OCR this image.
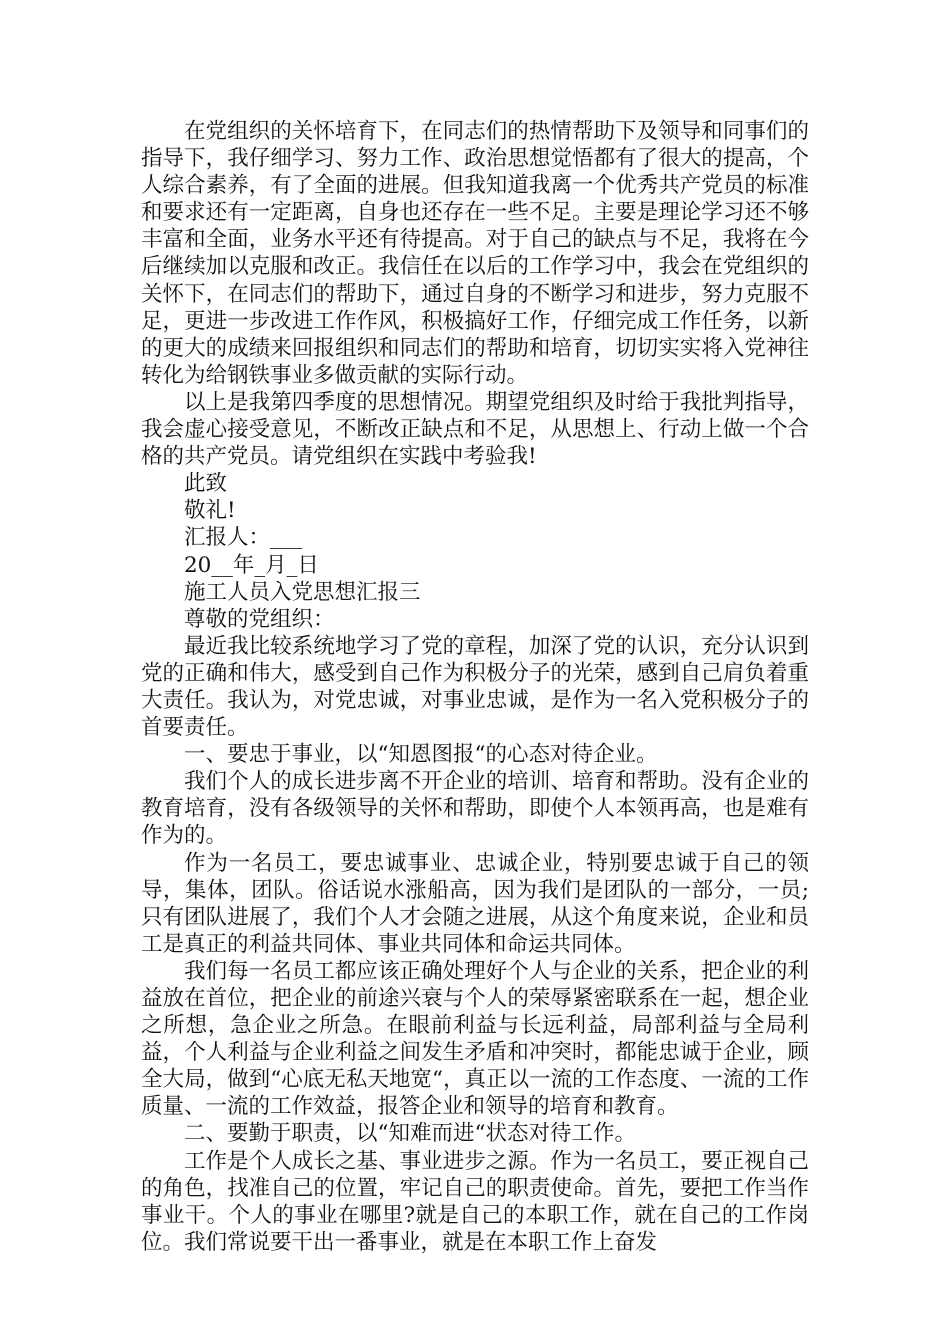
在党组织的关怀培育下，在同志们的热情帮助下及领导和同事们的指导下，我仔细学习、努力工作、政治思想觉悟都有了很大的提高，个人综合素养，有了全面的进展。但我知道我离一个优秀共产党员的标准和要求还有一定距离，自身也还存在一些不足。主要是理论学习还不够丰富和全面，业务水平还有待提高。对于自己的缺点与不足，我将在今后继续加以克服和改正。我信任在以后的工作学习中，我会在党组织的关怀下，在同志们的帮助下，通过自身的不断学习和进步，努力克服不足，更进一步改进工作作风，积极搞好工作，仔细完成工作任务，以新的更大的成绩来回报组织和同志们的帮助和培育，切切实实将入党神往转化为给钢铁事业多做贡献的实际行动。

以上是我第四季度的思想情况。期望党组织及时给于我批判指导，我会虚心接受意见，不断改正缺点和不足，从思想上、行动上做一个合格的共产党员。请党组织在实践中考验我!

此致

敬礼!

汇报人：___

20__年_月_日

施工人员入党思想汇报三

尊敬的党组织：

最近我比较系统地学习了党的章程，加深了党的认识，充分认识到党的正确和伟大，感受到自己作为积极分子的光荣，感到自己肩负着重大责任。我认为，对党忠诚，对事业忠诚，是作为一名入党积极分子的首要责任。

一、要忠于事业，以“知恩图报“的心态对待企业。

我们个人的成长进步离不开企业的培训、培育和帮助。没有企业的教育培育，没有各级领导的关怀和帮助，即使个人本领再高，也是难有作为的。

作为一名员工，要忠诚事业、忠诚企业，特别要忠诚于自己的领导，集体，团队。俗话说水涨船高，因为我们是团队的一部分，一员;只有团队进展了，我们个人才会随之进展，从这个角度来说，企业和员工是真正的利益共同体、事业共同体和命运共同体。

我们每一名员工都应该正确处理好个人与企业的关系，把企业的利益放在首位，把企业的前途兴衰与个人的荣辱紧密联系在一起，想企业之所想，急企业之所急。在眼前利益与长远利益，局部利益与全局利益，个人利益与企业利益之间发生矛盾和冲突时，都能忠诚于企业，顾全大局，做到“心底无私天地宽“，真正以一流的工作态度、一流的工作质量、一流的工作效益，报答企业和领导的培育和教育。

二、要勤于职责，以“知难而进“状态对待工作。

工作是个人成长之基、事业进步之源。作为一名员工，要正视自己的角色，找准自己的位置，牢记自己的职责使命。首先，要把工作当作事业干。个人的事业在哪里?就是自己的本职工作，就在自己的工作岗位。我们常说要干出一番事业，就是在本职工作上奋发
